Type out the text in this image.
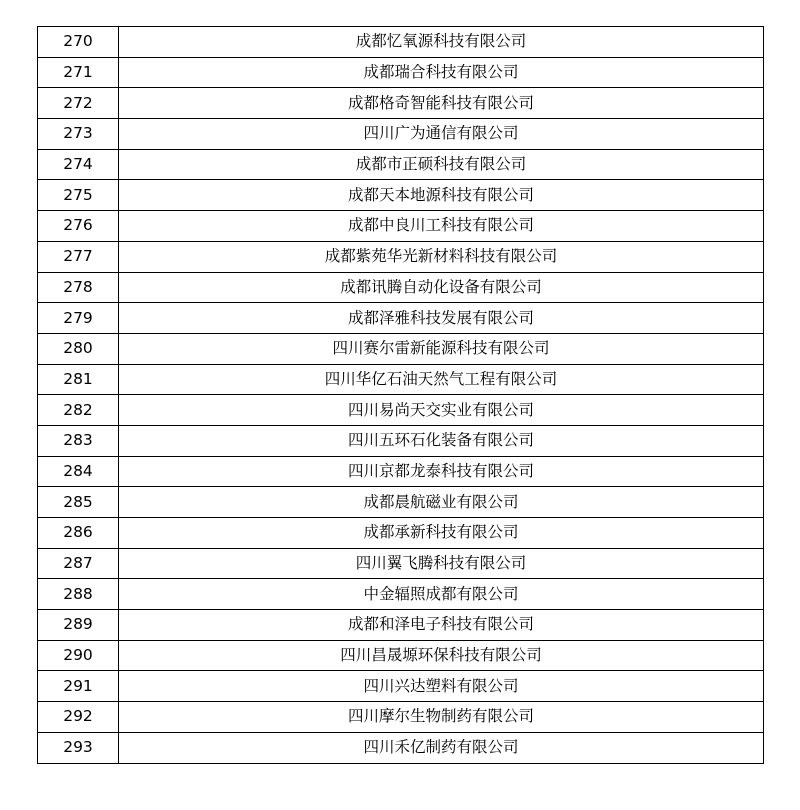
270	成都忆氧源科技有限公司
271	成都瑞合科技有限公司
272	成都格奇智能科技有限公司
273	四川广为通信有限公司
274	成都市正硕科技有限公司
275	成都天本地源科技有限公司
276	成都中良川工科技有限公司
277	成都紫苑华光新材料科技有限公司
278	成都讯腾自动化设备有限公司
279	成都泽雅科技发展有限公司
280	四川赛尔雷新能源科技有限公司
281	四川华亿石油天然气工程有限公司
282	四川易尚天交实业有限公司
283	四川五环石化装备有限公司
284	四川京都龙泰科技有限公司
285	成都晨航磁业有限公司
286	成都承新科技有限公司
287	四川翼飞腾科技有限公司
288	中金辐照成都有限公司
289	成都和泽电子科技有限公司
290	四川昌晟塬环保科技有限公司
291	四川兴达塑料有限公司
292	四川摩尔生物制药有限公司
293	四川禾亿制药有限公司
